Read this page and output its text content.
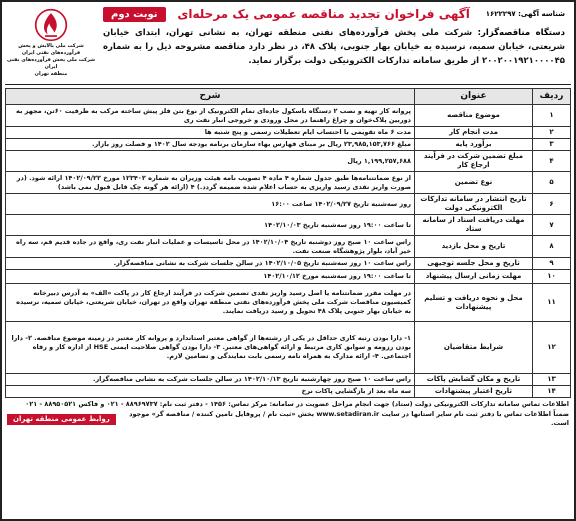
شناسه آگهی: ۱۶۲۲۲۹۷
آگهی فراخوان تجدید مناقصه عمومی یک مرحله‌ای
نوبت دوم

دستگاه مناقصه‌گزار: شرکت ملی پخش فرآورده‌های نفتی منطقه تهران، به نشانی تهران، ابتدای خیابان شریعتی، خیابان سمیه، نرسیده به خیابان بهار جنوبی، پلاک ۴۸، در نظر دارد مناقصه مشروحه ذیل را به شماره ۲۰۰۲۰۰۱۹۲۱۰۰۰۰۴۵ از طریق سامانه تدارکات الکترونیکی دولت برگزار نماید.

شرکت ملی پالایش و پخش فرآورده‌های نفتی ایران
شرکت ملی پخش فرآورده‌های نفتی ایران
منطقه تهران
ردیف	عنوان	شرح
۱	موضوع مناقصه	پروانه کار تهیه و نصب ۲ دستگاه باسکول جاده‌ای تمام الکترونیک از نوع بتن فلز پیش ساخته مرکب به ظرفیت ۶۰تن، مجهز به دوربین پلاک‌خوان و چراغ راهنما در محل ورودی و خروجی انبار نفت ری
۲	مدت انجام کار	مدت ۶ ماه تقویمی با احتساب ایام تعطیلات رسمی و پنج شنبه ها
۳	برآورد پایه	مبلغ ۲۳,۹۸۵,۱۵۳,۷۶۶ ریال بر مبنای فهارس بهاء سازمان برنامه بودجه سال ۱۴۰۲ و فصلت روز بازار.
۴	مبلغ تضمین شرکت در فرآیند ارجاع کار	۱,۱۹۹,۲۵۷,۶۸۸ ریال
۵	نوع تضمین	از نوع ضمانتنامه‌ها طبق جدول شماره ۴ ماده ۴ تصویب نامه هیئت وزیران به شماره ۱۲۳۴۰۲ مورخ ۱۴۰۲/۰۹/۲۲ ارائه شود. (در صورت واریز نقدی رسید واریزی به حساب اعلام شده ضمیمه گردد.) ۴ (ارائه هر گونه چک قابل قبول نمی باشد)
۶	تاریخ انتشار در سامانه تدارکات الکترونیکی دولت	روز سه‌شنبه تاریخ ۱۴۰۲/۰۹/۲۷ ساعت ۱۶:۰۰
۷	مهلت دریافت اسناد از سامانه ستاد	تا ساعت ۱۹:۰۰ روز سه‌شنبه تاریخ ۱۴۰۲/۱۰/۰۳
۸	تاریخ و محل بازدید	راس ساعت ۱۰ صبح روز دوشنبه تاریخ ۱۴۰۲/۱۰/۰۴ در محل تاسیسات و عملیات انبار نفت ری، واقع در جاده قدیم قم، سه راه خیر آباد، بلوار پژوهشگاه صنعت نفت.
۹	تاریخ و محل جلسه توجیهی	راس ساعت ۱۰ روز سه‌شنبه تاریخ ۱۴۰۲/۱۰/۰۵ در سالن جلسات شرکت به نشانی مناقصه‌گزار.
۱۰	مهلت زمانی ارسال پیشنهاد	تا ساعت ۱۹:۰۰ روز سه‌شنبه مورخ ۱۴۰۲/۱۰/۱۲
۱۱	محل و نحوه دریافت و تسلیم پیشنهادات	در مهلت مقرر ضمانتنامه یا اصل رسید واریز نقدی تضمین شرکت در فرآیند ارجاع کار در پاکت «الف» به آدرس دبیرخانه کمیسیون مناقصات شرکت ملی پخش فرآورده‌های نفتی منطقه تهران واقع در تهران، خیابان شریعتی، خیابان سمیه، نرسیده به خیابان بهار جنوبی پلاک ۴۸ تحویل و رسید دریافت نمایند.
۱۲	شرایط متقاضیان	۱- دارا بودن رتبه کاری حداقل در یکی از رشته‌ها از گواهی معتبر استاندارد و پروانه کار معتبر در زمینه موضوع مناقصه. ۲- دارا بودن رزومه و سوابق کاری مرتبط و ارائه گواهی‌های معتبر. ۳- دارا بودن گواهی صلاحیت ایمنی HSE از اداره کار و رفاه اجتماعی. ۴- ارائه مدارک به همراه نامه رسمی بابت نمایندگی و تضامین لازم.
۱۳	تاریخ و مکان گشایش پاکات	راس ساعت ۱۰ صبح روز چهارشنبه تاریخ ۱۴۰۲/۱۰/۱۳ در سالن جلسات شرکت به نشانی مناقصه‌گزار.
۱۴	تاریخ اعتبار پیشنهادات	سه ماه بعد از بازگشایی پاکات نرخ
اطلاعات تماس سامانه تدارکات الکترونیکی دولت (ستاد) جهت انجام مراحل عضویت در سامانه: مرکز تماس: ۱۴۵۶ - دفتر ثبت نام: ۸۸۹۶۹۷۳۷ - ۰۲۱ و فاکس ۸۸۹۵۰۵۲۱ - ۰۲۱
ضمناً اطلاعات تماس با دفتر ثبت نام سایر استانها در سایت www.setadiran.ir بخش «ثبت نام / پروفایل تامین کننده / مناقصه گر» موجود است.
روابط عمومی منطقه تهران
